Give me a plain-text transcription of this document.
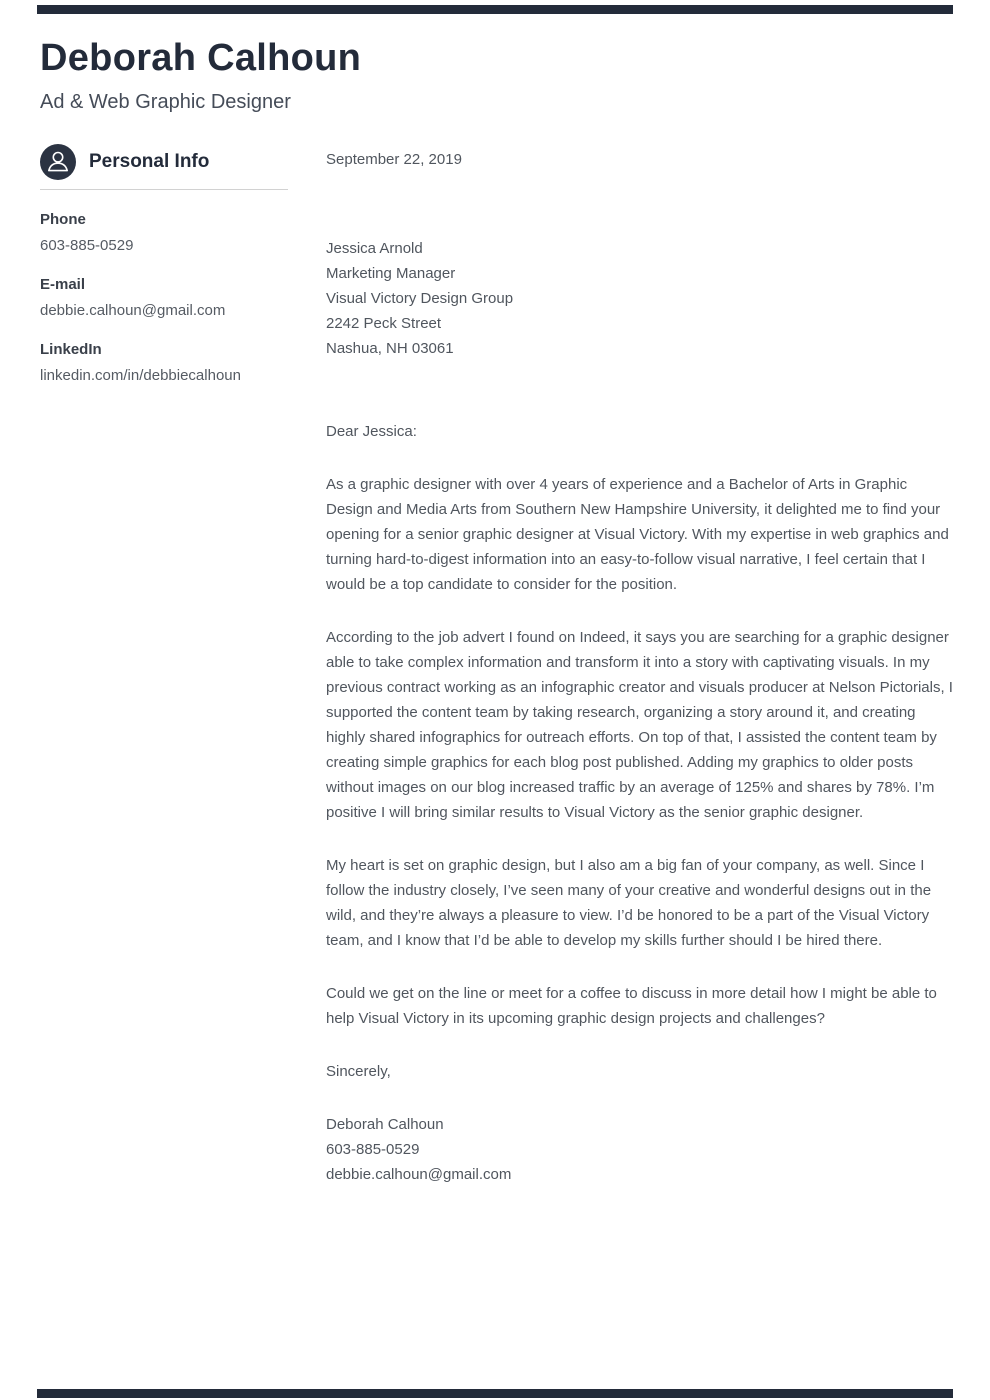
Deborah Calhoun
Ad & Web Graphic Designer
Personal Info
Phone
603-885-0529
E-mail
debbie.calhoun@gmail.com
LinkedIn
linkedin.com/in/debbiecalhoun
September 22, 2019
Jessica Arnold
Marketing Manager
Visual Victory Design Group
2242 Peck Street
Nashua, NH 03061
Dear Jessica:

As a graphic designer with over 4 years of experience and a Bachelor of Arts in Graphic Design and Media Arts from Southern New Hampshire University, it delighted me to find your opening for a senior graphic designer at Visual Victory. With my expertise in web graphics and turning hard-to-digest information into an easy-to-follow visual narrative, I feel certain that I would be a top candidate to consider for the position.

According to the job advert I found on Indeed, it says you are searching for a graphic designer able to take complex information and transform it into a story with captivating visuals. In my previous contract working as an infographic creator and visuals producer at Nelson Pictorials, I supported the content team by taking research, organizing a story around it, and creating highly shared infographics for outreach efforts. On top of that, I assisted the content team by creating simple graphics for each blog post published. Adding my graphics to older posts without images on our blog increased traffic by an average of 125% and shares by 78%. I’m positive I will bring similar results to Visual Victory as the senior graphic designer.

My heart is set on graphic design, but I also am a big fan of your company, as well. Since I follow the industry closely, I’ve seen many of your creative and wonderful designs out in the wild, and they’re always a pleasure to view. I’d be honored to be a part of the Visual Victory team, and I know that I’d be able to develop my skills further should I be hired there.

Could we get on the line or meet for a coffee to discuss in more detail how I might be able to help Visual Victory in its upcoming graphic design projects and challenges?

Sincerely,
Deborah Calhoun
603-885-0529
debbie.calhoun@gmail.com
